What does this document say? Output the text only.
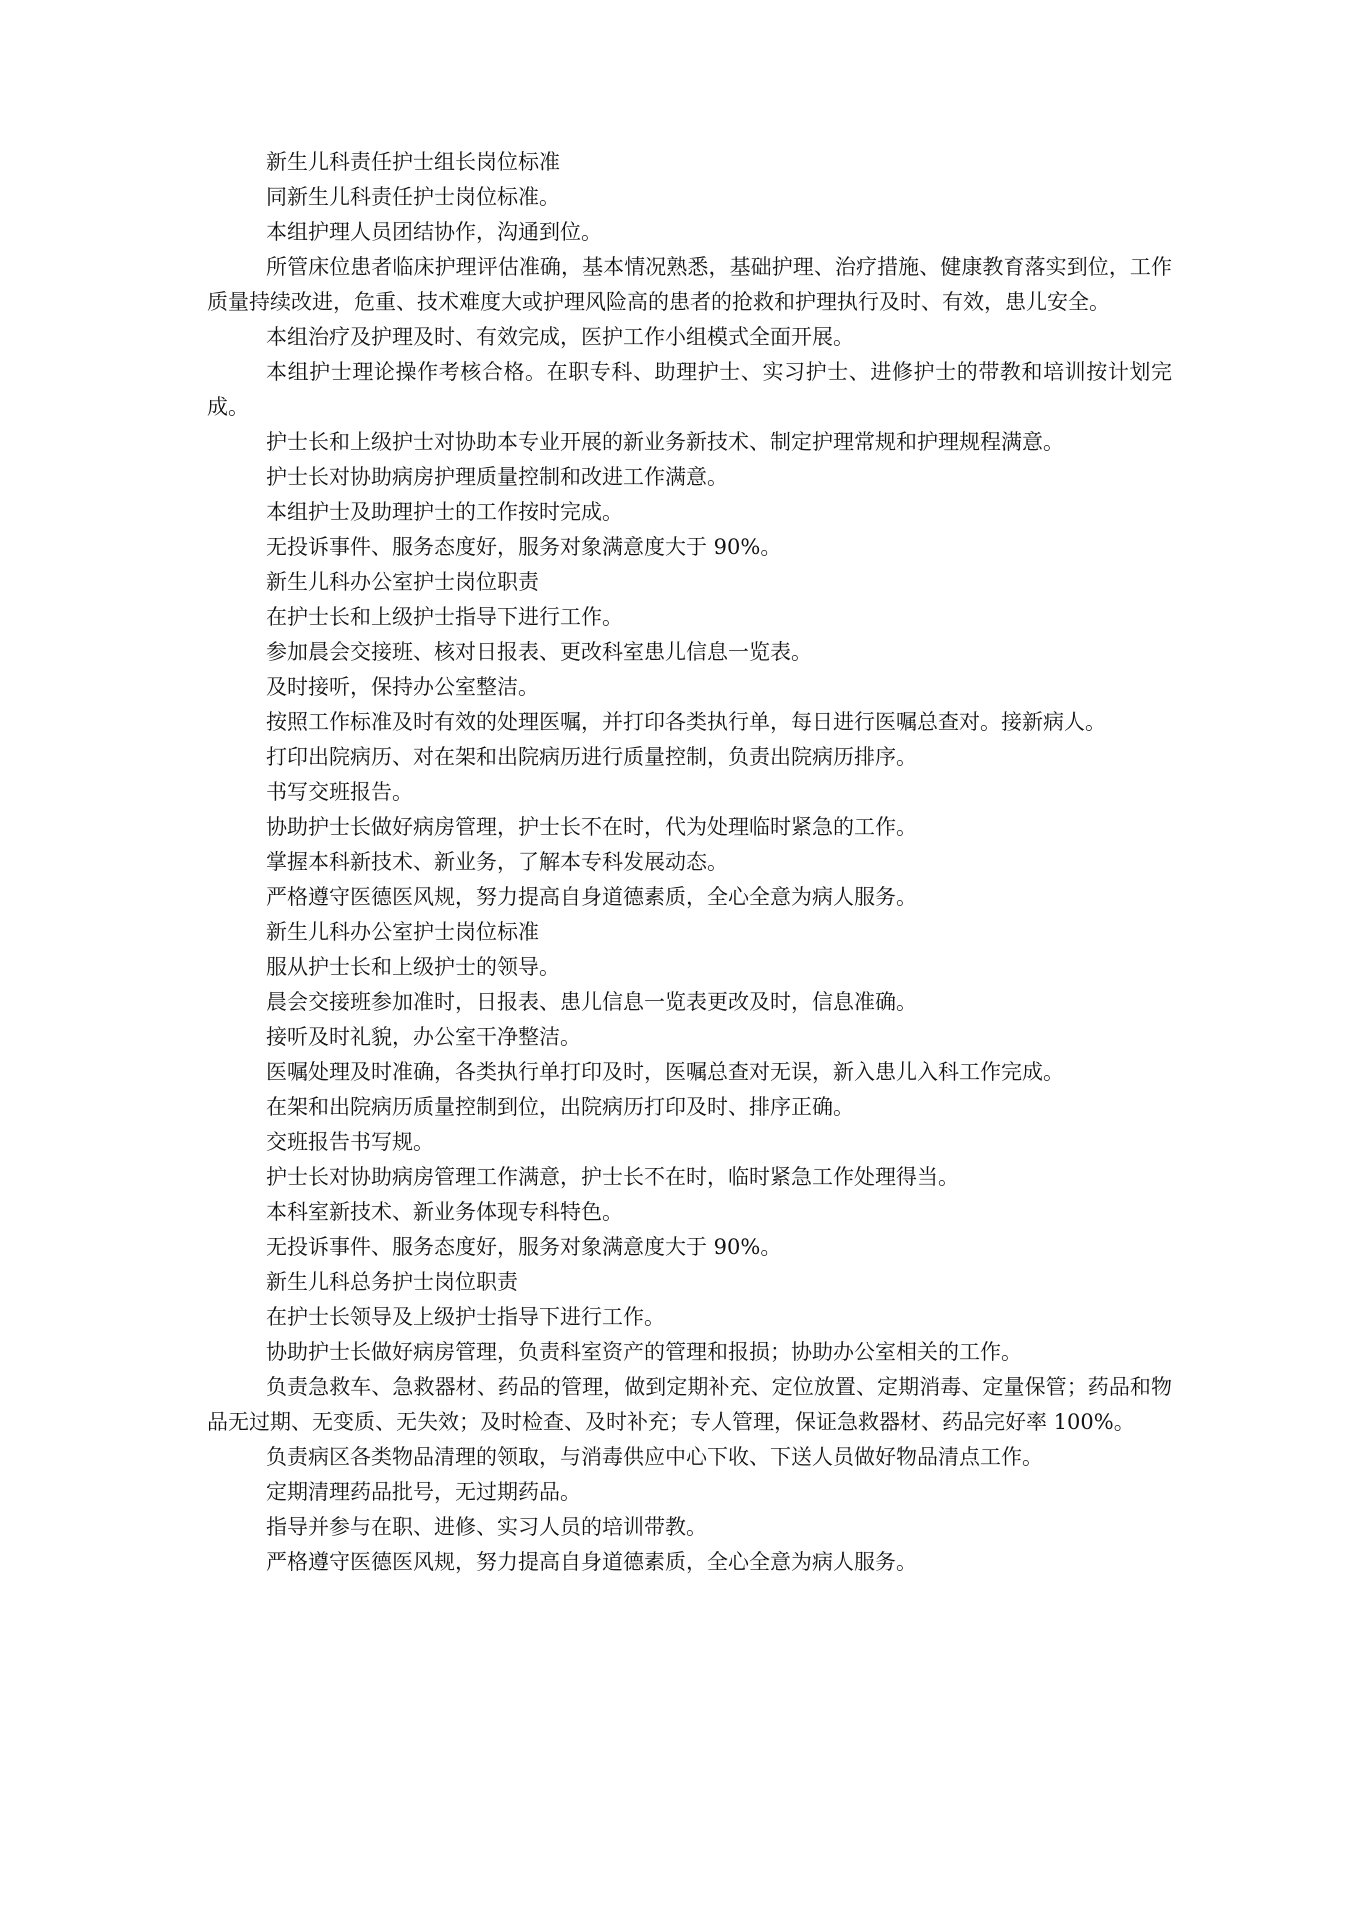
新生儿科责任护士组长岗位标准

同新生儿科责任护士岗位标准。

本组护理人员团结协作，沟通到位。

所管床位患者临床护理评估准确，基本情况熟悉，基础护理、治疗措施、健康教育落实到位，工作质量持续改进，危重、技术难度大或护理风险高的患者的抢救和护理执行及时、有效，患儿安全。

本组治疗及护理及时、有效完成，医护工作小组模式全面开展。

本组护士理论操作考核合格。在职专科、助理护士、实习护士、进修护士的带教和培训按计划完成。

护士长和上级护士对协助本专业开展的新业务新技术、制定护理常规和护理规程满意。

护士长对协助病房护理质量控制和改进工作满意。

本组护士及助理护士的工作按时完成。

无投诉事件、服务态度好，服务对象满意度大于 90%。

新生儿科办公室护士岗位职责

在护士长和上级护士指导下进行工作。

参加晨会交接班、核对日报表、更改科室患儿信息一览表。

及时接听，保持办公室整洁。

按照工作标准及时有效的处理医嘱，并打印各类执行单，每日进行医嘱总查对。接新病人。

打印出院病历、对在架和出院病历进行质量控制，负责出院病历排序。

书写交班报告。

协助护士长做好病房管理，护士长不在时，代为处理临时紧急的工作。

掌握本科新技术、新业务，了解本专科发展动态。

严格遵守医德医风规，努力提高自身道德素质，全心全意为病人服务。

新生儿科办公室护士岗位标准

服从护士长和上级护士的领导。

晨会交接班参加准时，日报表、患儿信息一览表更改及时，信息准确。

接听及时礼貌，办公室干净整洁。

医嘱处理及时准确，各类执行单打印及时，医嘱总查对无误，新入患儿入科工作完成。

在架和出院病历质量控制到位，出院病历打印及时、排序正确。

交班报告书写规。

护士长对协助病房管理工作满意，护士长不在时，临时紧急工作处理得当。

本科室新技术、新业务体现专科特色。

无投诉事件、服务态度好，服务对象满意度大于 90%。

新生儿科总务护士岗位职责

在护士长领导及上级护士指导下进行工作。

协助护士长做好病房管理，负责科室资产的管理和报损；协助办公室相关的工作。

负责急救车、急救器材、药品的管理，做到定期补充、定位放置、定期消毒、定量保管；药品和物品无过期、无变质、无失效；及时检查、及时补充；专人管理，保证急救器材、药品完好率 100%。

负责病区各类物品清理的领取，与消毒供应中心下收、下送人员做好物品清点工作。

定期清理药品批号，无过期药品。

指导并参与在职、进修、实习人员的培训带教。

严格遵守医德医风规，努力提高自身道德素质，全心全意为病人服务。
